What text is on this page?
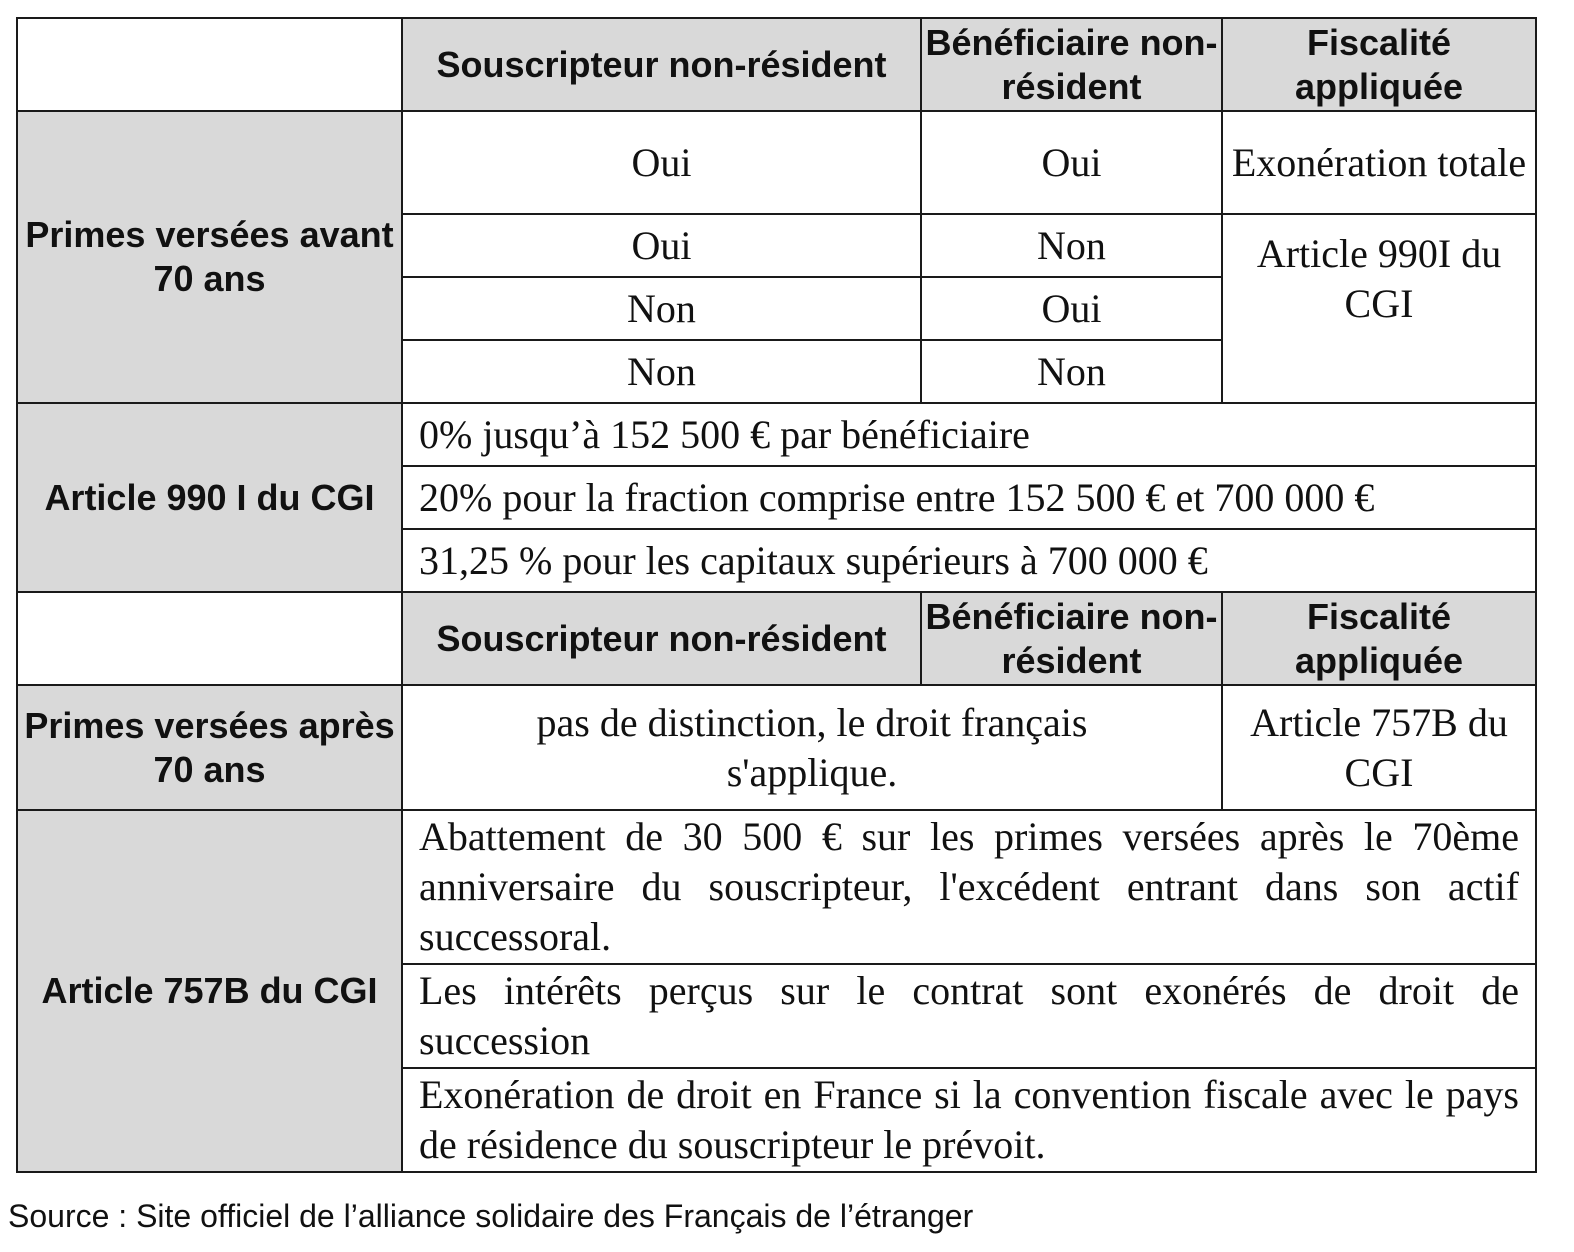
	Souscripteur non-résident	Bénéficiaire non-résident	Fiscalité appliquée
Primes versées avant 70 ans	Oui	Oui	Exonération totale
	Oui	Non	Article 990I du CGI
	Non	Oui	
	Non	Non	
Article 990 I du CGI	0% jusqu’à 152 500 € par bénéficiaire		
	20% pour la fraction comprise entre 152 500 € et 700 000 €		
	31,25 % pour les capitaux supérieurs à 700 000 €		
	Souscripteur non-résident	Bénéficiaire non-résident	Fiscalité appliquée
Primes versées après 70 ans	pas de distinction, le droit français s'applique.		Article 757B du CGI
Article 757B du CGI	Abattement de 30 500 € sur les primes versées après le 70ème anniversaire du souscripteur, l'excédent entrant dans son actif successoral.		
	Les intérêts perçus sur le contrat sont exonérés de droit de succession		
	Exonération de droit en France si la convention fiscale avec le pays de résidence du souscripteur le prévoit.		
Source : Site officiel de l’alliance solidaire des Français de l’étranger
